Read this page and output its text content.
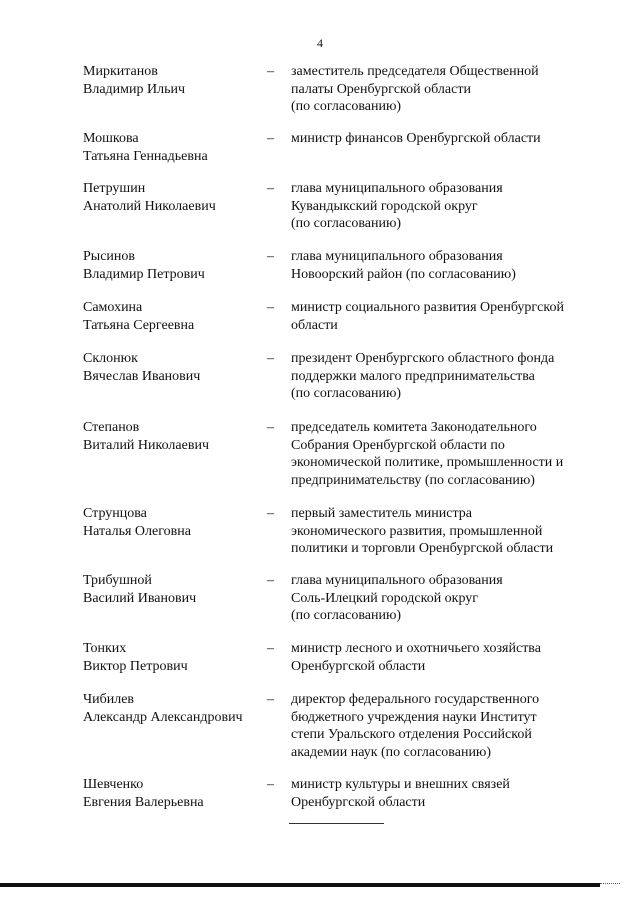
4
Миркитанов
Владимир Ильич
–	заместитель председателя Общественной
палаты Оренбургской области
(по согласованию)
Мошкова
Татьяна Геннадьевна
–	министр финансов Оренбургской области
Петрушин
Анатолий Николаевич
–	глава муниципального образования
Кувандыкский городской округ
(по согласованию)
Рысинов
Владимир Петрович
–	глава муниципального образования
Новоорский район (по согласованию)
Самохина
Татьяна Сергеевна
–	министр социального развития Оренбургской
области
Склонюк
Вячеслав Иванович
–	президент Оренбургского областного фонда
поддержки малого предпринимательства
(по согласованию)
Степанов
Виталий Николаевич
–	председатель комитета Законодательного
Собрания Оренбургской области по
экономической политике, промышленности и
предпринимательству (по согласованию)
Струнцова
Наталья Олеговна
–	первый заместитель министра
экономического развития, промышленной
политики и торговли Оренбургской области
Трибушной
Василий Иванович
–	глава муниципального образования
Соль-Илецкий городской округ
(по согласованию)
Тонких
Виктор Петрович
–	министр лесного и охотничьего хозяйства
Оренбургской области
Чибилев
Александр Александрович
–	директор федерального государственного
бюджетного учреждения науки Институт
степи Уральского отделения Российской
академии наук (по согласованию)
Шевченко
Евгения Валерьевна
–	министр культуры и внешних связей
Оренбургской области
